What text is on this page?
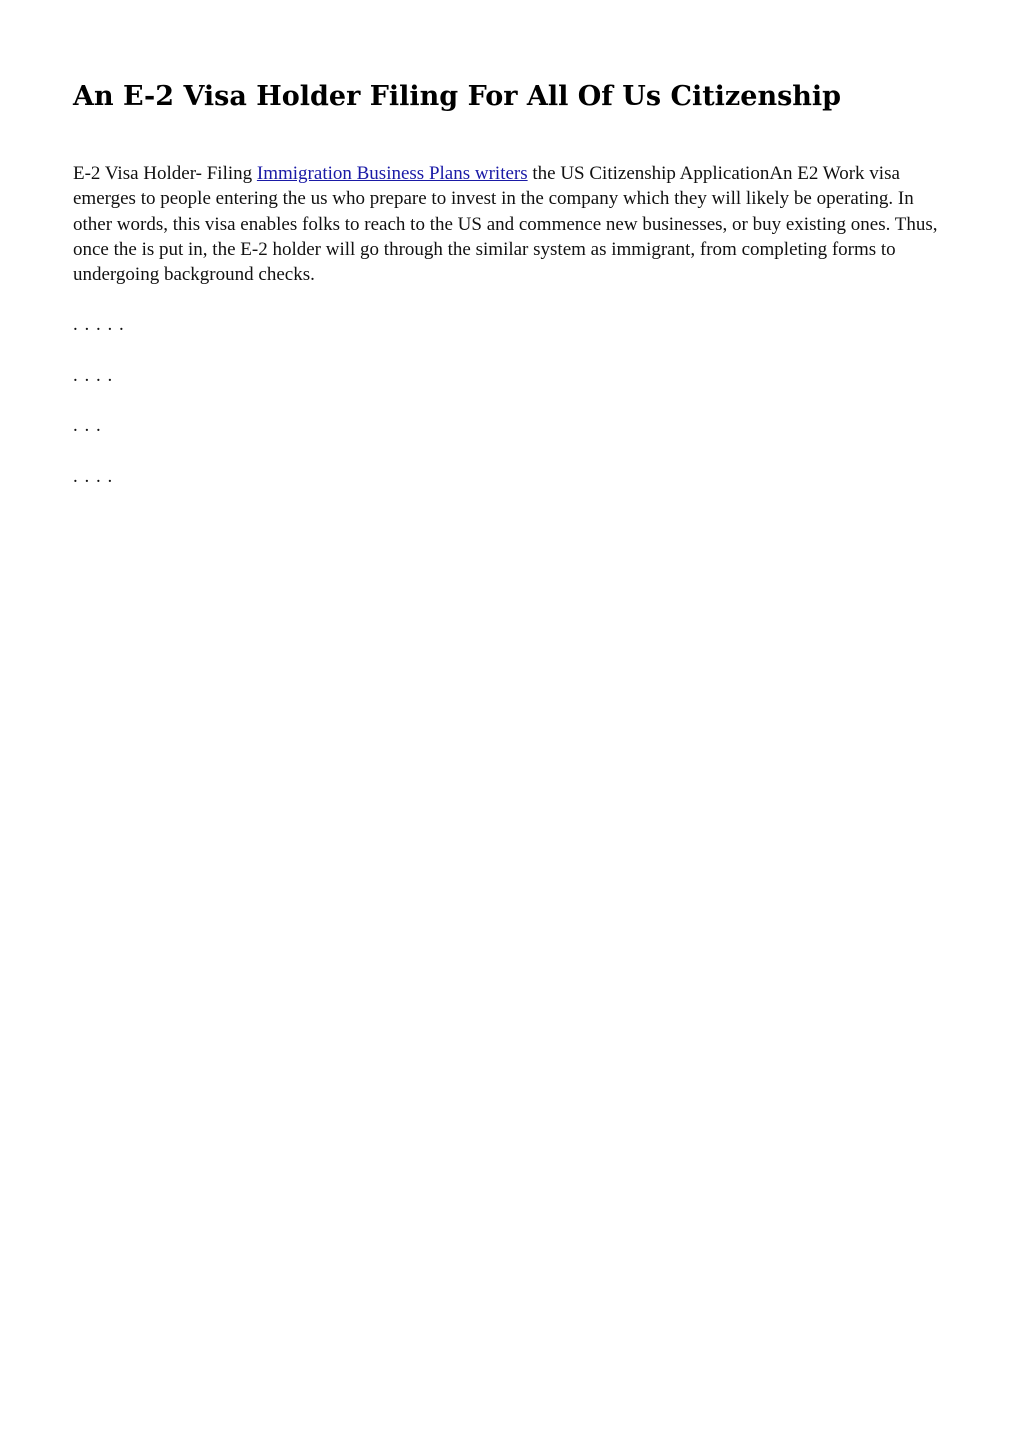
An E-2 Visa Holder Filing For All Of Us Citizenship

E-2 Visa Holder- Filing Immigration Business Plans writers the US Citizenship ApplicationAn E2 Work visa emerges to people entering the us who prepare to invest in the company which they will likely be operating. In other words, this visa enables folks to reach to the US and commence new businesses, or buy existing ones. Thus, once the is put in, the E-2 holder will go through the similar system as immigrant, from completing forms to undergoing background checks.

. . . . .

. . . .

. . .

. . . .
